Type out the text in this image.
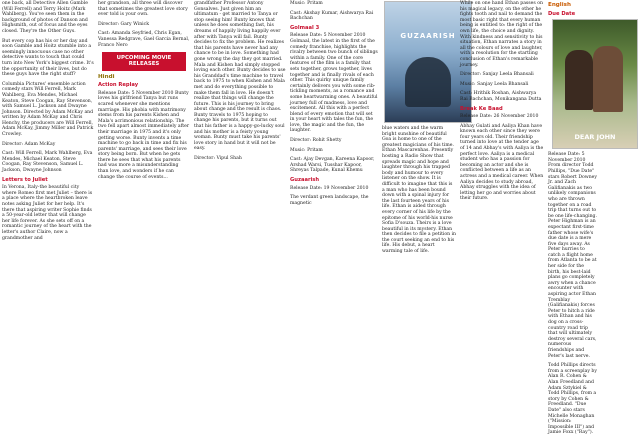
one back, all Detective Allen Gamble (Will Ferrell) and Terry Hoitz (Mark Wahlberg). You've seen them in the background of photos of Danson and Highsmith, out of focus and the eyes closed. They're the Other Guys.

But every cop has his or her day and soon Gamble and Hoitz stumble into a seemingly innocuous case no other detective wants to touch that could turn into New York's biggest crime. It's the opportunity of their lives, but do these guys have the right stuff?

Columbia Pictures' ensemble action comedy stars Will Ferrell, Mark Wahlberg, Eva Mendes, Michael Keaton, Steve Coogan, Ray Stevenson, with Samuel L. Jackson and Dwayne Johnson. Directed by Adam McKay and written by Adam McKay and Chris Henchy, the producers are Will Ferrell, Adam McKay, Jimmy Miller and Patrick Crowley.

Director: Adam McKay

Cast: Will Ferrell, Mark Wahlberg, Eva Mendes, Michael Keaton, Steve Coogan, Ray Stevenson, Samuel L. Jackson, Dwayne Johnson

Letters to Juliet

In Verona, Italy-the beautiful city where Romeo first met Juliet – there is a place where the heartbroken leave notes asking Juliet for her help. It's there that aspiring writer Sophie finds a 50-year-old letter that will change her life forever. As she sets off on a romantic journey of the heart with the letter's author Claire, now a grandmother and

her grandson, all three will discover that sometimes the greatest love story ever told is your own.

Director: Gary Winick

Cast: Amanda Seyfried, Chris Egan, Vanessa Redgrave, Gael Garcia Bernal, Franco Nero

UPCOMING MOVIE RELEASES
Hindi
Action Replay

Release Date: 5 November 2010 Bunty loves his girlfriend Tanya but runs scared whenever she mentions marriage. His phobia with matrimony stems from his parents Kishen and Mala's acrimonious relationship. The two fell apart almost immediately after their marriage in 1975 and it's only getting worse. Bunty invents a time machine to go back in time and fix his parents' marriage, and sees their love story being born. But when he gets there he sees that what his parents had was more a misunderstanding than love, and wonders if he can change the course of events...

grandfather Professor Antony Gonsalves. Just given him an ultimatum - get married to Tanya or stop seeing him! Bunty knows that unless he does something fast, his dreams of happily living happily ever after with Tanya will fail. Bunty decides to fix the problem. He realizes that his parents have never had any chance to be in love. Something had gone wrong the day they got married. Mala and Kishen had simply stopped loving each other. Bunty decides to use his Granddad's time machine to travel back to 1975 to when Kishen and Mala met and do everything possible to make them fall in love. He doesn't realize that things will change the future. This is his journey to bring about change and the result is chaos. Bunty travels to 1975 hoping to change his parents, but it turns out that his father is a happy-go-lucky soul and his mother is a feisty young woman. Bunty must take his parents' love story in hand but it will not be easy.

Director: Vipul Shah

Music: Pritam

Cast: Akshay Kumar, Aishwarya Rai Bachchan

Golmaal 3

Release Date: 5 November 2010 Golmaal, the latest in the first of the comedy franchise, highlights the rivalry between two bunch of siblings within a family. One of the core features of the film is a family that sets together, grows together, lives together and is finally rivals of each other. This quirky unique family certainly delivers you with some rib-tickling moments, as a romance and some heartwarming ones. A beautiful journey full of madness, love and excitement. All this with a perfect blend of every emotion that will set in your heart with tales the fun, the love, the magic and the fun, the laughter.

Director: Rohit Shetty

Music: Pritam

Cast: Ajay Devgan, Kareena Kapoor, Arshad Warsi, Tusshar Kapoor, Shreyas Talpade, Kunal Khemu

Guzaarish

Release Date: 19 November 2010

The verdant green landscape, the magnetic

GUZAARISH

blue waters and the warm bright sunshine of beautiful Goa is home to one of the greatest magicians of his time. Ethan Mascarenhas. Presently hosting a Radio Show that spreads magic and hope and laughter through his trapped body and humour to every listener on the show. It is difficult to imagine that this is a man who has been bound down with a spinal injury for the last fourteen years of his life. Ethan is aided through every corner of his life by the epitome of his world-his nurse Sofia D'souza. Theirs is a love beautiful in its mystery. Ethan then decides to file a petition in the court seeking an end to his life. His debut, a heart warming tale of life.

While on one hand Ethan passes on his magical legacy, on the other he fights tooth and nail to demand the most basic right that every human being is entitled to: the right of the own life, the choice and dignity. With kindness and sensitivity to his situation, Ethan narrates a story in all the colours of love and laughter, with a resolution for the startling conclusion of Ethan's remarkable journey.

Director: Sanjay Leela Bhansali

Music: Sanjay Leela Bhansali

Cast: Hrithik Roshan, Aishwarya Rai Bachchan, Monikangana Dutta

Break Ke Baad

Release Date: 26 November 2010

Abhay Gulati and Aaliya Khan have known each other since they were four years old. Their friendship turned into love at the tender age of 14 and Abhay's with Aaliya is the perfect love. Aaliya is a medical student who has a passion for becoming an actor and she is conflicted between a life as an actress and a medical career. When Aaliya decides to study abroad, Abhay struggles with the idea of letting her go and worries about their future.

English
Due Date
DEAR JOHN

Release Date: 5 November 2010 From director Todd Phillips, "Due Date" stars Robert Downey Jr. and Zach Galifianakis as two unlikely companions who are thrown together on a road trip that turns out to be one life-changing. Peter Highman is an expectant first-time father whose wife's due date is a mere five days away. As Peter hurries to catch a flight home from Atlanta to be at her side for the birth, his best-laid plans go completely awry when a chance encounter with aspiring actor Ethan Tremblay (Galifianakis) forces Peter to hitch a ride with Ethan and his dog on a cross-country road trip that will ultimately destroy several cars, numerous friendships and Peter's last nerve.

Todd Phillips directs from a screenplay by Alan R. Cohen & Alan Freedland and Adam Sztykiel & Todd Phillips, from a story by Cohen & Freedland. "Due Date" also stars Michelle Monaghan ("Mission: Impossible III") and Jamie Foxx ("Ray").
